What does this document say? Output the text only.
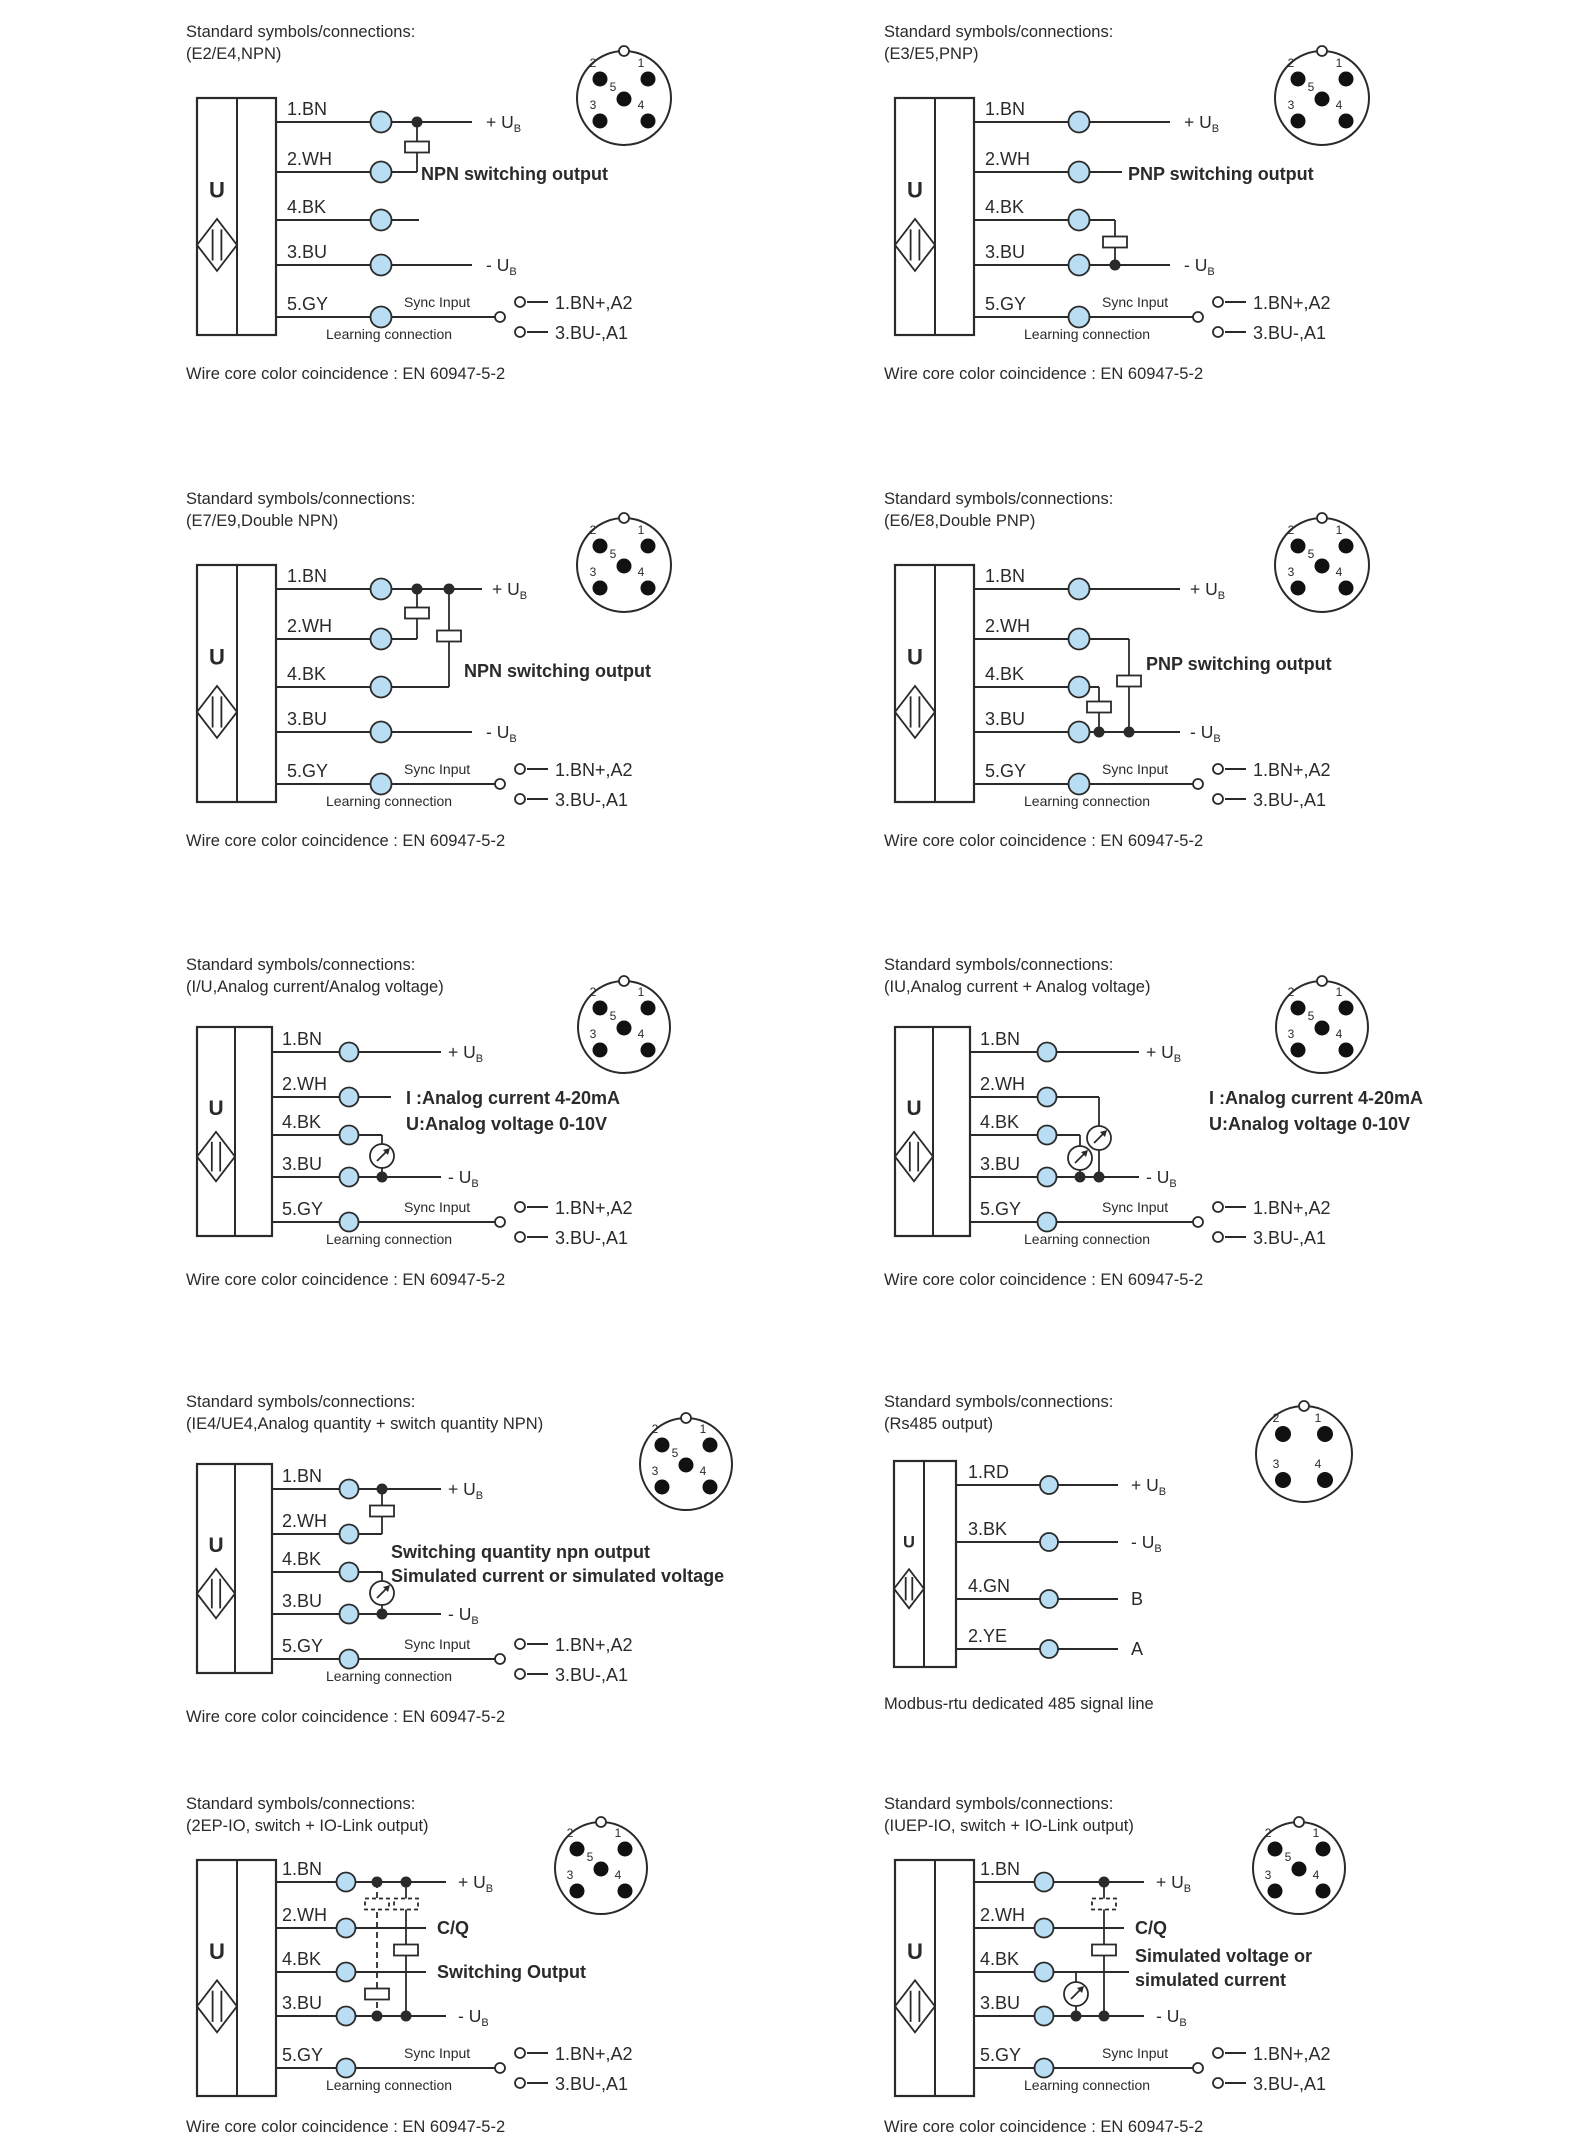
Standard symbols/connections:
(E2/E4,NPN)	2	1
5
3	4
U
1.BN
+ $U_B$
2.WH
4.BK
3.BU
- $U_B$
NPN switching output
5.GY	Sync Input
Learning connection
1.BN+,A2
3.BU-,A1
Wire core color coincidence : EN 60947-5-2
Standard symbols/connections:
(E3/E5,PNP)	2	1
5
3	4
U
1.BN
+ $U_B$
2.WH
4.BK
3.BU
- $U_B$
PNP switching output
5.GY	Sync Input
Learning connection
1.BN+,A2
3.BU-,A1
Wire core color coincidence : EN 60947-5-2
Standard symbols/connections:
(E7/E9,Double NPN)	2	1
5
3	4
U
1.BN
+ $U_B$
2.WH
4.BK
3.BU
- $U_B$
NPN switching output
5.GY	Sync Input
Learning connection
1.BN+,A2
3.BU-,A1
Wire core color coincidence : EN 60947-5-2
Standard symbols/connections:
(E6/E8,Double PNP)	2	1
5
3	4
U
1.BN
+ $U_B$
2.WH
4.BK
3.BU
- $U_B$
PNP switching output
5.GY	Sync Input
Learning connection
1.BN+,A2
3.BU-,A1
Wire core color coincidence : EN 60947-5-2
Standard symbols/connections:
(I/U,Analog current/Analog voltage)	2	1
5
3	4
U
1.BN
+ $U_B$
2.WH
4.BK
3.BU
- $U_B$
I :Analog current 4-20mA
U:Analog voltage 0-10V
5.GY	Sync Input
Learning connection
1.BN+,A2
3.BU-,A1
Wire core color coincidence : EN 60947-5-2
Standard symbols/connections:
(IU,Analog current + Analog voltage)	2	1
5
3	4
U
1.BN
+ $U_B$
2.WH
4.BK
3.BU
- $U_B$
I :Analog current 4-20mA
U:Analog voltage 0-10V
5.GY	Sync Input
Learning connection
1.BN+,A2
3.BU-,A1
Wire core color coincidence : EN 60947-5-2
Standard symbols/connections:
(IE4/UE4,Analog quantity + switch quantity NPN)	2	1
5
3	4
U
1.BN
+ $U_B$
2.WH
4.BK
3.BU
- $U_B$
Switching quantity npn output
Simulated current or simulated voltage
5.GY	Sync Input
Learning connection
1.BN+,A2
3.BU-,A1
Wire core color coincidence : EN 60947-5-2
Standard symbols/connections:
(Rs485 output)	2	1
3	4
U
1.RD
+ $U_B$
3.BK
- $U_B$
4.GN
B
2.YE
A
Modbus-rtu dedicated 485 signal line
Standard symbols/connections:
(2EP-IO, switch + IO-Link output)	2	1
5
3	4
U
1.BN
+ $U_B$
2.WH
C/Q
4.BK
Switching Output
3.BU
- $U_B$
5.GY	Sync Input
Learning connection
1.BN+,A2
3.BU-,A1
Wire core color coincidence : EN 60947-5-2
Standard symbols/connections:
(IUEP-IO, switch + IO-Link output)	2	1
5
3	4
U
1.BN
+ $U_B$
2.WH
C/Q
4.BK
3.BU
- $U_B$
Simulated voltage or
simulated current
5.GY	Sync Input
Learning connection
1.BN+,A2
3.BU-,A1
Wire core color coincidence : EN 60947-5-2
